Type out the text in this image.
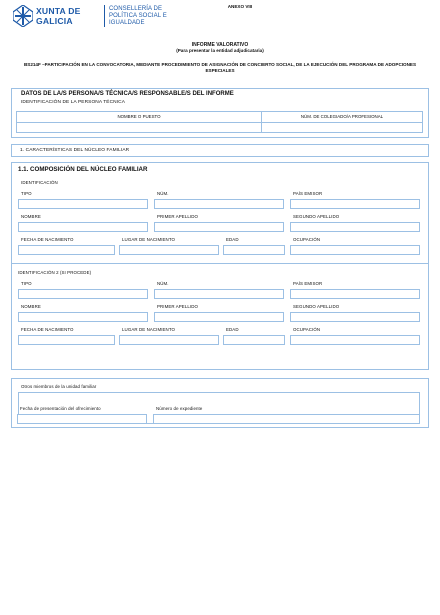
XUNTA DE GALICIA
CONSELLERÍA DE POLÍTICA SOCIAL E IGUALDADE
ANEXO VIII
INFORME VALORATIVO
(Para presentar la entidad adjudicataria)
BS214F –PARTICIPACIÓN EN LA CONVOCATORIA, MEDIANTE PROCEDIMIENTO DE ASIGNACIÓN DE CONCIERTO SOCIAL, DE LA EJECUCIÓN DEL PROGRAMA DE ADOPCIONES ESPECIALES
DATOS DE LA/S PERSONA/S TÉCNICA/S RESPONSABLE/S DEL INFORME
IDENTIFICACIÓN DE LA PERSONA TÉCNICA
NOMBRE O PUESTO	NÚM. DE COLEGIADO/A PROFESIONAL
1. CARACTERÍSTICAS DEL NÚCLEO FAMILIAR
1.1. COMPOSICIÓN DEL NÚCLEO FAMILIAR
IDENTIFICACIÓN
TIPO	NÚM.	PAÍS EMISOR
NOMBRE	PRIMER APELLIDO	SEGUNDO APELLIDO
FECHA DE NACIMIENTO	LUGAR DE NACIMIENTO	EDAD	OCUPACIÓN
IDENTIFICACIÓN 2 (SI PROCEDE)
TIPO	NÚM.	PAÍS EMISOR
NOMBRE	PRIMER APELLIDO	SEGUNDO APELLIDO
FECHA DE NACIMIENTO	LUGAR DE NACIMIENTO	EDAD	OCUPACIÓN
Otros miembros de la unidad familiar
Fecha de presentación del ofrecimiento	Número de expediente
